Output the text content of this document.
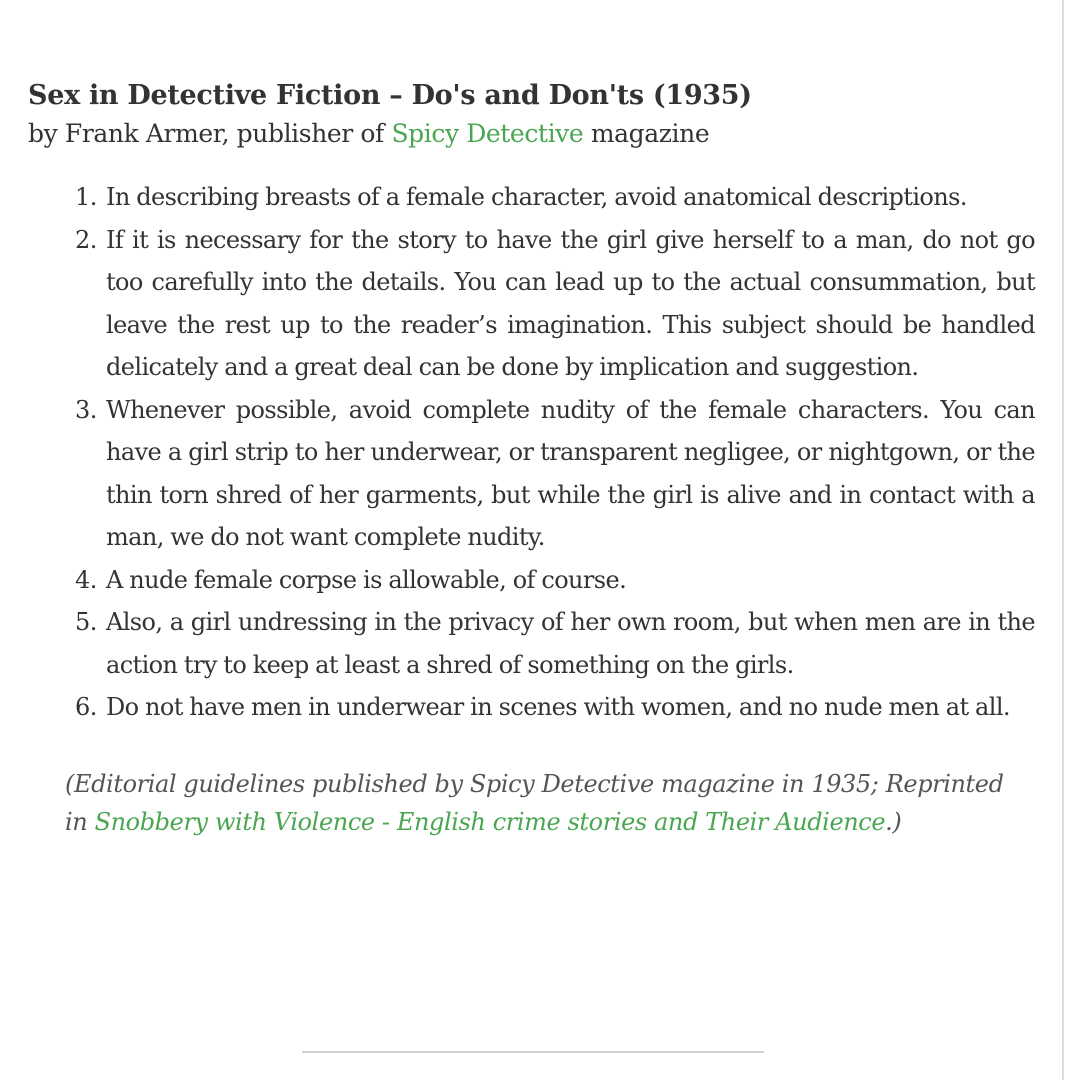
Sex in Detective Fiction – Do's and Don'ts (1935)

by Frank Armer, publisher of Spicy Detective magazine

1. In describing breasts of a female character, avoid anatomical descriptions.
2. If it is necessary for the story to have the girl give herself to a man, do not go too carefully into the details. You can lead up to the actual consummation, but leave the rest up to the reader’s imagination. This subject should be handled delicately and a great deal can be done by implication and suggestion.
3. Whenever possible, avoid complete nudity of the female characters. You can have a girl strip to her underwear, or transparent negligee, or nightgown, or the thin torn shred of her garments, but while the girl is alive and in contact with a man, we do not want complete nudity.
4. A nude female corpse is allowable, of course.
5. Also, a girl undressing in the privacy of her own room, but when men are in the action try to keep at least a shred of something on the girls.
6. Do not have men in underwear in scenes with women, and no nude men at all.

(Editorial guidelines published by Spicy Detective magazine in 1935; Reprinted in Snobbery with Violence - English crime stories and Their Audience.)
